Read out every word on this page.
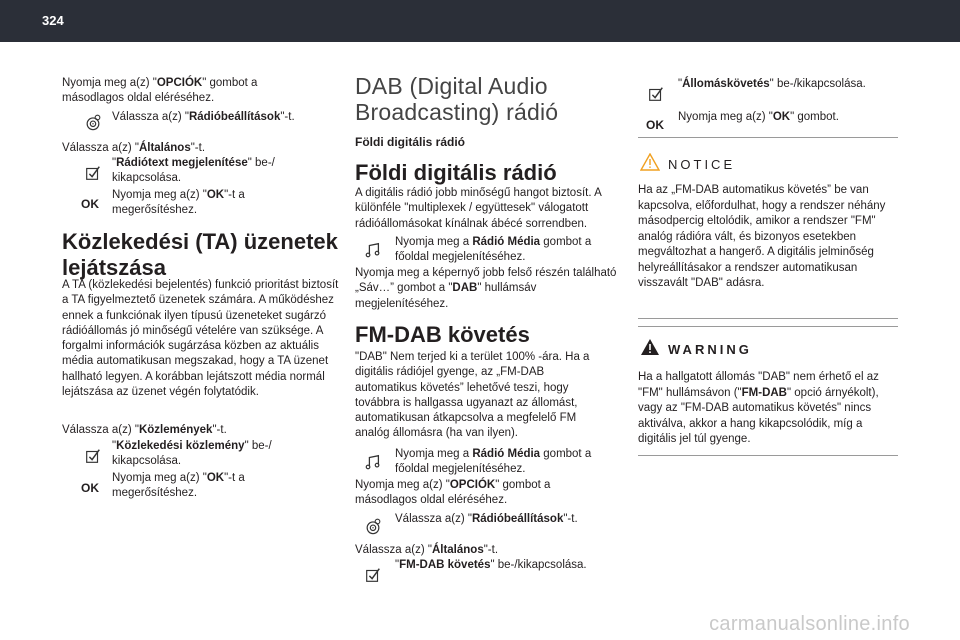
324

Nyomja meg a(z) "OPCIÓK" gombot a másodlagos oldal eléréséhez.

Válassza a(z) "Rádióbeállítások"-t.

Válassza a(z) "Általános"-t.

"Rádiótext megjelenítése" be-/ kikapcsolása.

OK

Nyomja meg a(z) "OK"-t a megerősítéshez.

Közlekedési (TA) üzenetek lejátszása

A TA (közlekedési bejelentés) funkció prioritást biztosít a TA figyelmeztető üzenetek számára. A működéshez ennek a funkciónak ilyen típusú üzeneteket sugárzó rádióállomás jó minőségű vételére van szüksége. A forgalmi információk sugárzása közben az aktuális média automatikusan megszakad, hogy a TA üzenet hallható legyen. A korábban lejátszott média normál lejátszása az üzenet végén folytatódik.

Válassza a(z) "Közlemények"-t.

"Közlekedési közlemény" be-/ kikapcsolása.

OK

Nyomja meg a(z) "OK"-t a megerősítéshez.

DAB (Digital Audio Broadcasting) rádió

Földi digitális rádió

Földi digitális rádió

A digitális rádió jobb minőségű hangot biztosít. A különféle "multiplexek / együttesek" válogatott rádióállomásokat kínálnak ábécé sorrendben.

Nyomja meg a Rádió Média gombot a főoldal megjelenítéséhez.

Nyomja meg a képernyő jobb felső részén található „Sáv…” gombot a "DAB" hullámsáv megjelenítéséhez.

FM-DAB követés

"DAB" Nem terjed ki a terület 100% -ára. Ha a digitális rádiójel gyenge, az „FM-DAB automatikus követés” lehetővé teszi, hogy továbbra is hallgassa ugyanazt az állomást, automatikusan átkapcsolva a megfelelő FM analóg állomásra (ha van ilyen).

Nyomja meg a Rádió Média gombot a főoldal megjelenítéséhez.

Nyomja meg a(z) "OPCIÓK" gombot a másodlagos oldal eléréséhez.

Válassza a(z) "Rádióbeállítások"-t.

Válassza a(z) "Általános"-t.

"FM-DAB követés" be-/kikapcsolása.

"Állomáskövetés" be-/kikapcsolása.

OK

Nyomja meg a(z) "OK" gombot.

NOTICE

Ha az „FM-DAB automatikus követés” be van kapcsolva, előfordulhat, hogy a rendszer néhány másodpercig eltolódik, amikor a rendszer "FM" analóg rádióra vált, és bizonyos esetekben megváltozhat a hangerő. A digitális jelminőség helyreállításakor a rendszer automatikusan visszavált "DAB" adásra.

WARNING

Ha a hallgatott állomás "DAB" nem érhető el az "FM" hullámsávon ("FM-DAB" opció árnyékolt), vagy az "FM-DAB automatikus követés" nincs aktiválva, akkor a hang kikapcsolódik, míg a digitális jel túl gyenge.

carmanualsonline.info
